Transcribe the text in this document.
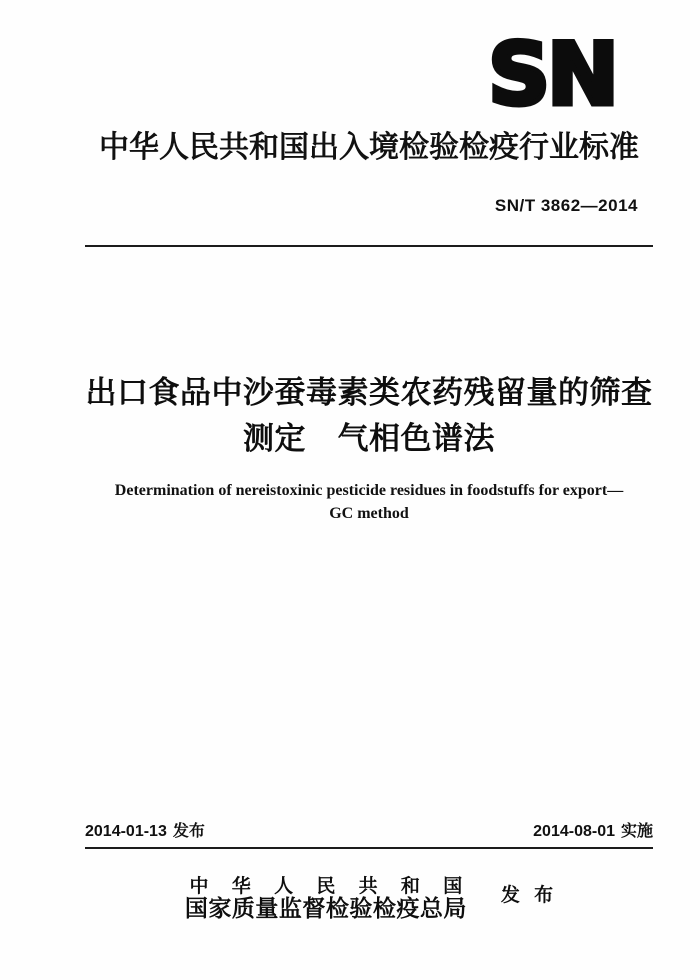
SN
中华人民共和国出入境检验检疫行业标准
SN/T 3862—2014
出口食品中沙蚕毒素类农药残留量的筛查
测定　气相色谱法
Determination of nereistoxinic pesticide residues in foodstuffs for export—
GC method
2014-01-13 发布	2014-08-01 实施
中 华 人 民 共 和 国
国家质量监督检验检疫总局 发 布
